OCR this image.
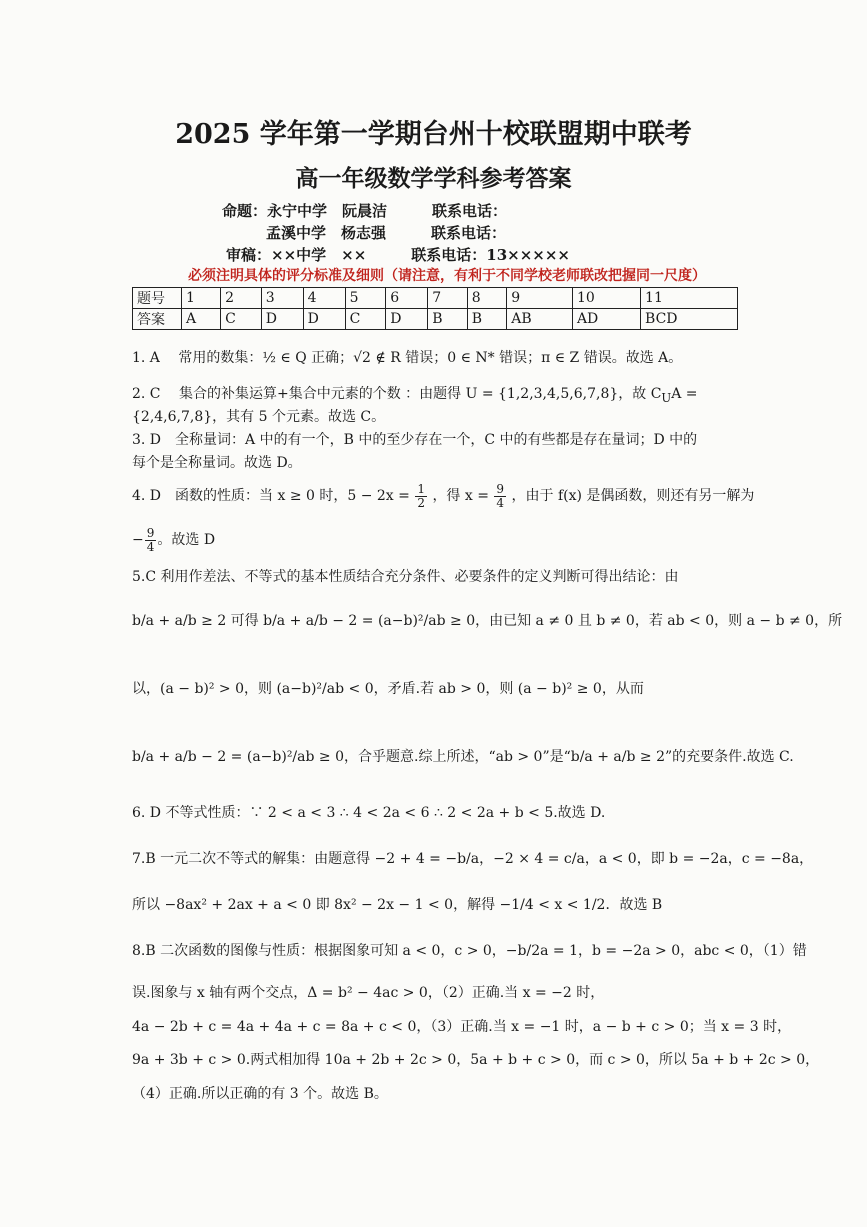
2025 学年第一学期台州十校联盟期中联考
高一年级数学学科参考答案
命题：永宁中学　阮晨洁　　　联系电话：
孟溪中学　杨志强　　　联系电话：
审稿：××中学　××　　　联系电话：13×××××
必须注明具体的评分标准及细则（请注意，有利于不同学校老师联改把握同一尺度）
题号	1	2	3	4	5	6	7	8	9	10	11
答案	A	C	D	D	C	D	B	B	AB	AD	BCD
1. A　 常用的数集：½ ∈ Q 正确；√2 ∉ R 错误；0 ∈ N* 错误；π ∈ Z 错误。故选 A。
2. C　 集合的补集运算+集合中元素的个数 ：由题得 U = {1,2,3,4,5,6,7,8}，故 $C_UA$ =
{2,4,6,7,8}，其有 5 个元素。故选 C。
3. D　全称量词：A 中的有一个，B 中的至少存在一个，C 中的有些都是存在量词；D 中的
每个是全称量词。故选 D。
4. D　函数的性质：当 x ≥ 0 时，$5 - 2x = \frac{1}{2}$ ，得 $x = \frac{9}{4}$ ，由于 f(x) 是偶函数，则还有另一解为
− $\frac{9}{4}$ 。故选 D
5.C 利用作差法、不等式的基本性质结合充分条件、必要条件的定义判断可得出结论：由
b/a + a/b ≥ 2 可得 b/a + a/b − 2 = (a−b)²/ab ≥ 0，由已知 a ≠ 0 且 b ≠ 0，若 ab < 0，则 a − b ≠ 0，所
以，(a − b)² > 0，则 (a−b)²/ab < 0，矛盾.若 ab > 0，则 (a − b)² ≥ 0，从而
b/a + a/b − 2 = (a−b)²/ab ≥ 0，合乎题意.综上所述，“ab > 0”是“b/a + a/b ≥ 2”的充要条件.故选 C.
6. D 不等式性质：∵ 2 < a < 3 ∴ 4 < 2a < 6 ∴ 2 < 2a + b < 5.故选 D.
7.B 一元二次不等式的解集：由题意得 −2 + 4 = −b/a，−2 × 4 = c/a，a < 0，即 b = −2a，c = −8a，
所以 −8ax² + 2ax + a < 0 即 8x² − 2x − 1 < 0，解得 −1/4 < x < 1/2．故选 B
8.B 二次函数的图像与性质：根据图象可知 a < 0，c > 0，−b/2a = 1，b = −2a > 0，abc < 0，（1）错
误.图象与 x 轴有两个交点，Δ = b² − 4ac > 0，（2）正确.当 x = −2 时，
4a − 2b + c = 4a + 4a + c = 8a + c < 0，（3）正确.当 x = −1 时，a − b + c > 0；当 x = 3 时，
9a + 3b + c > 0.两式相加得 10a + 2b + 2c > 0，5a + b + c > 0，而 c > 0，所以 5a + b + 2c > 0，
（4）正确.所以正确的有 3 个。故选 B。
